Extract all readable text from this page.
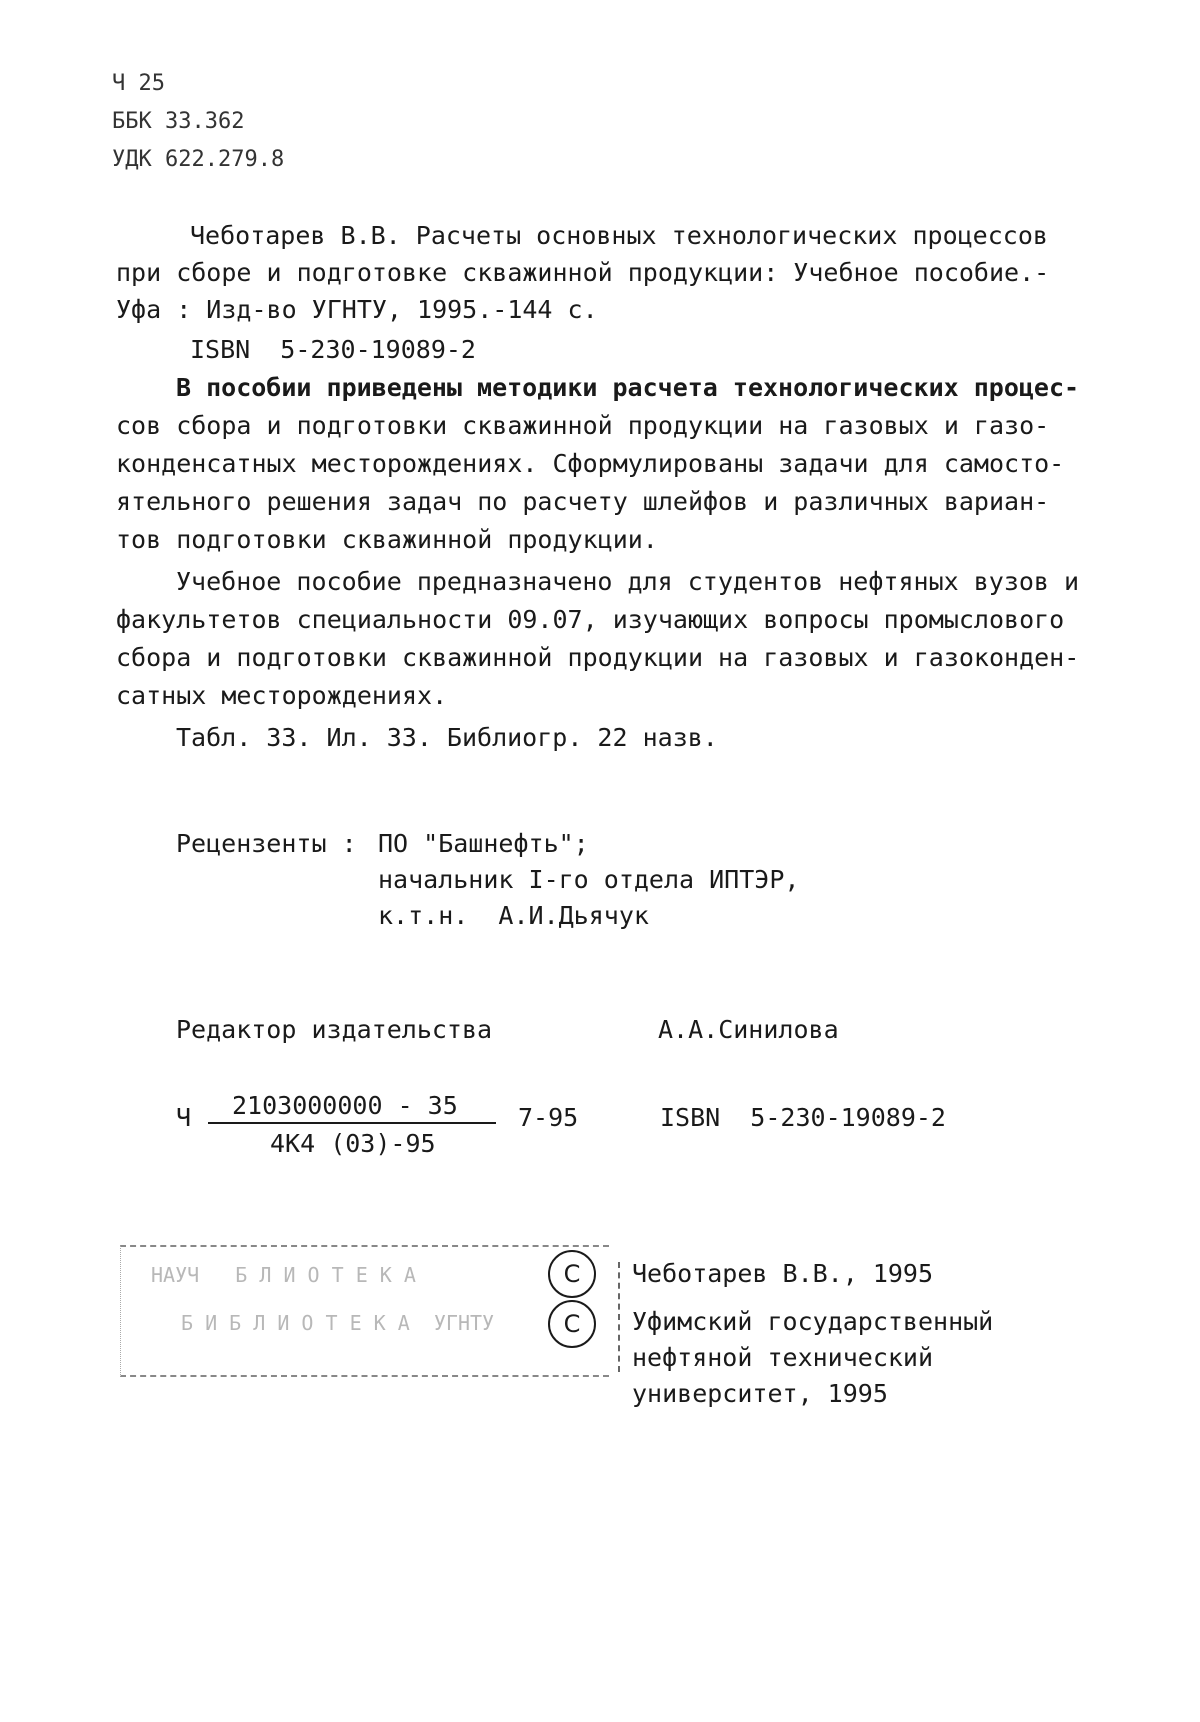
Ч 25
ББК 33.362
УДК 622.279.8
Чеботарев В.В. Расчеты основных технологических процессов
при сборе и подготовке скважинной продукции: Учебное пособие.-
Уфа : Изд-во УГНТУ, 1995.-144 с.
ISBN  5-230-19089-2
В пособии приведены методики расчета технологических процес-
сов сбора и подготовки скважинной продукции на газовых и газо-
конденсатных месторождениях. Сформулированы задачи для самосто-
ятельного решения задач по расчету шлейфов и различных вариан-
тов подготовки скважинной продукции.
Учебное пособие предназначено для студентов нефтяных вузов и
факультетов специальности 09.07, изучающих вопросы промыслового
сбора и подготовки скважинной продукции на газовых и газоконден-
сатных месторождениях.
Табл. 33. Ил. 33. Библиогр. 22 назв.
Рецензенты : ПО "Башнефть";
начальник I-го отдела ИПТЭР,
к.т.н.  А.И.Дьячук
Редактор издательства	А.А.Синилова
Ч 2103000000 - 35
4К4 (03)-95
7-95	ISBN  5-230-19089-2
НАУЧ   Б Л И О Т Е К А
Б И Б Л И О Т Е К А  УГНТУ
C
C
Чеботарев В.В., 1995
Уфимский государственный
нефтяной технический
университет, 1995
